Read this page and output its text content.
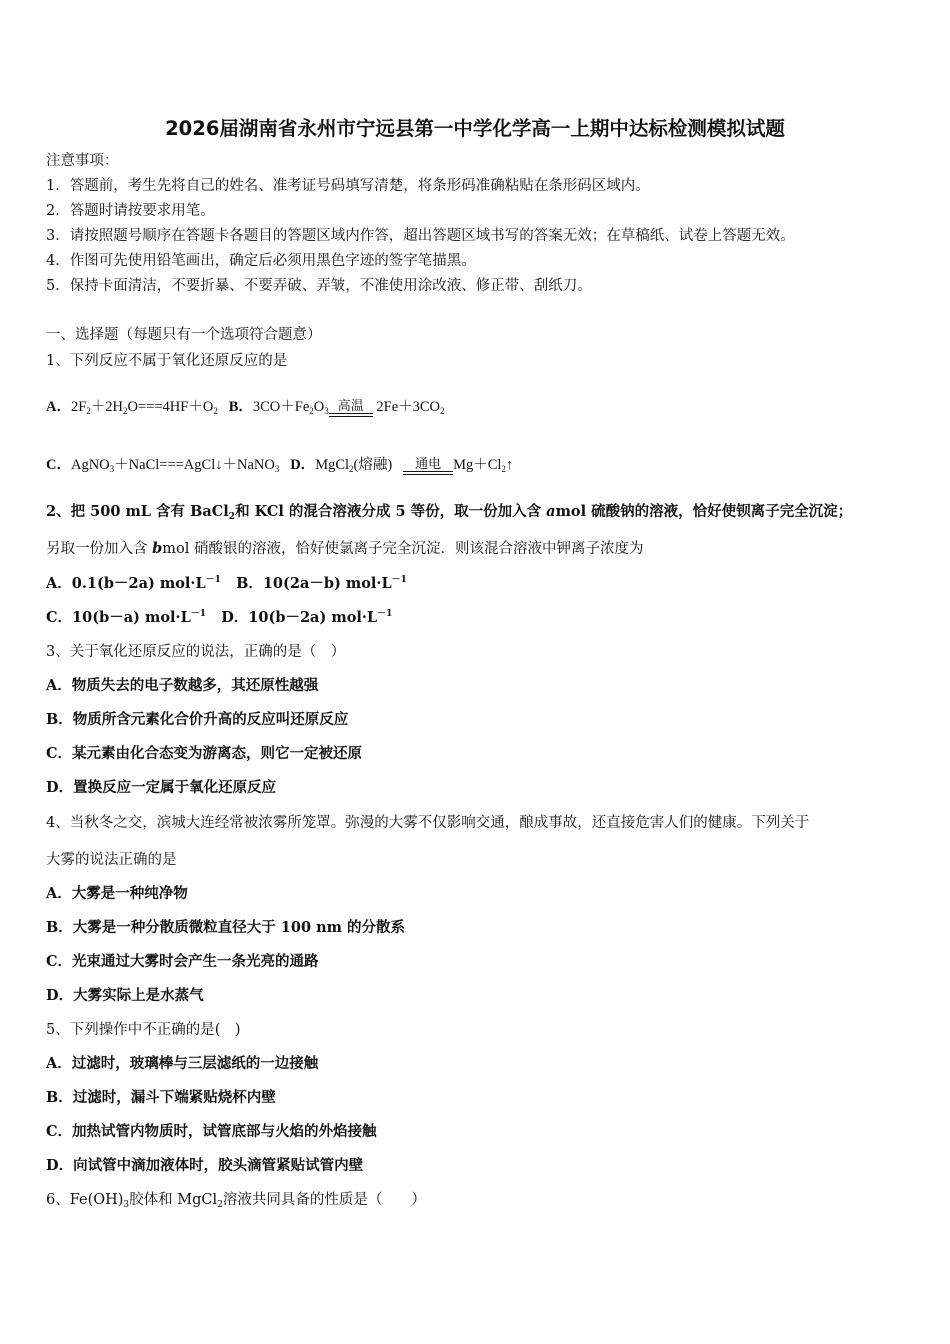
2026届湖南省永州市宁远县第一中学化学高一上期中达标检测模拟试题
注意事项：
1．答题前，考生先将自己的姓名、准考证号码填写清楚，将条形码准确粘贴在条形码区域内。
2．答题时请按要求用笔。
3．请按照题号顺序在答题卡各题目的答题区域内作答，超出答题区域书写的答案无效；在草稿纸、试卷上答题无效。
4．作图可先使用铅笔画出，确定后必须用黑色字迹的签字笔描黑。
5．保持卡面清洁，不要折暴、不要弄破、弄皱，不准使用涂改液、修正带、刮纸刀。
一、选择题（每题只有一个选项符合题意）
1、下列反应不属于氧化还原反应的是
A．$2F_2+2H_2O===4HF+O_2$ B．$3CO+Fe_2O_3$ 高温 $2Fe+3CO_2$
C．AgNO$_3$＋NaCl===AgCl↓＋NaNO$_3$ D．MgCl$_2$(熔融)	通电 $Mg+Cl_2↑$
2、把 500 mL 含有 BaCl$_2$和 KCl 的混合溶液分成 5 等份，取一份加入含 amol 硫酸钠的溶液，恰好使钡离子完全沉淀；
另取一份加入含 bmol 硝酸银的溶液，恰好使氯离子完全沉淀．则该混合溶液中钾离子浓度为
A．0.1(b－2a) $mol\cdot L^{-1}$ B．10(2a－b) $mol\cdot L^{-1}$
C．10(b－a) $mol\cdot L^{-1}$ D．10(b－2a) $mol\cdot L^{-1}$
3、关于氧化还原反应的说法，正确的是（　）
A．物质失去的电子数越多，其还原性越强
B．物质所含元素化合价升高的反应叫还原反应
C．某元素由化合态变为游离态，则它一定被还原
D．置换反应一定属于氧化还原反应
4、当秋冬之交，滨城大连经常被浓雾所笼罩。弥漫的大雾不仅影响交通，酿成事故，还直接危害人们的健康。下列关于
大雾的说法正确的是
A．大雾是一种纯净物
B．大雾是一种分散质微粒直径大于 100 nm 的分散系
C．光束通过大雾时会产生一条光亮的通路
D．大雾实际上是水蒸气
5、下列操作中不正确的是(　)
A．过滤时，玻璃棒与三层滤纸的一边接触
B．过滤时，漏斗下端紧贴烧杯内壁
C．加热试管内物质时，试管底部与火焰的外焰接触
D．向试管中滴加液体时，胶头滴管紧贴试管内壁
6、$Fe(OH)_3$胶体和 MgCl$_2$溶液共同具备的性质是（　　）
